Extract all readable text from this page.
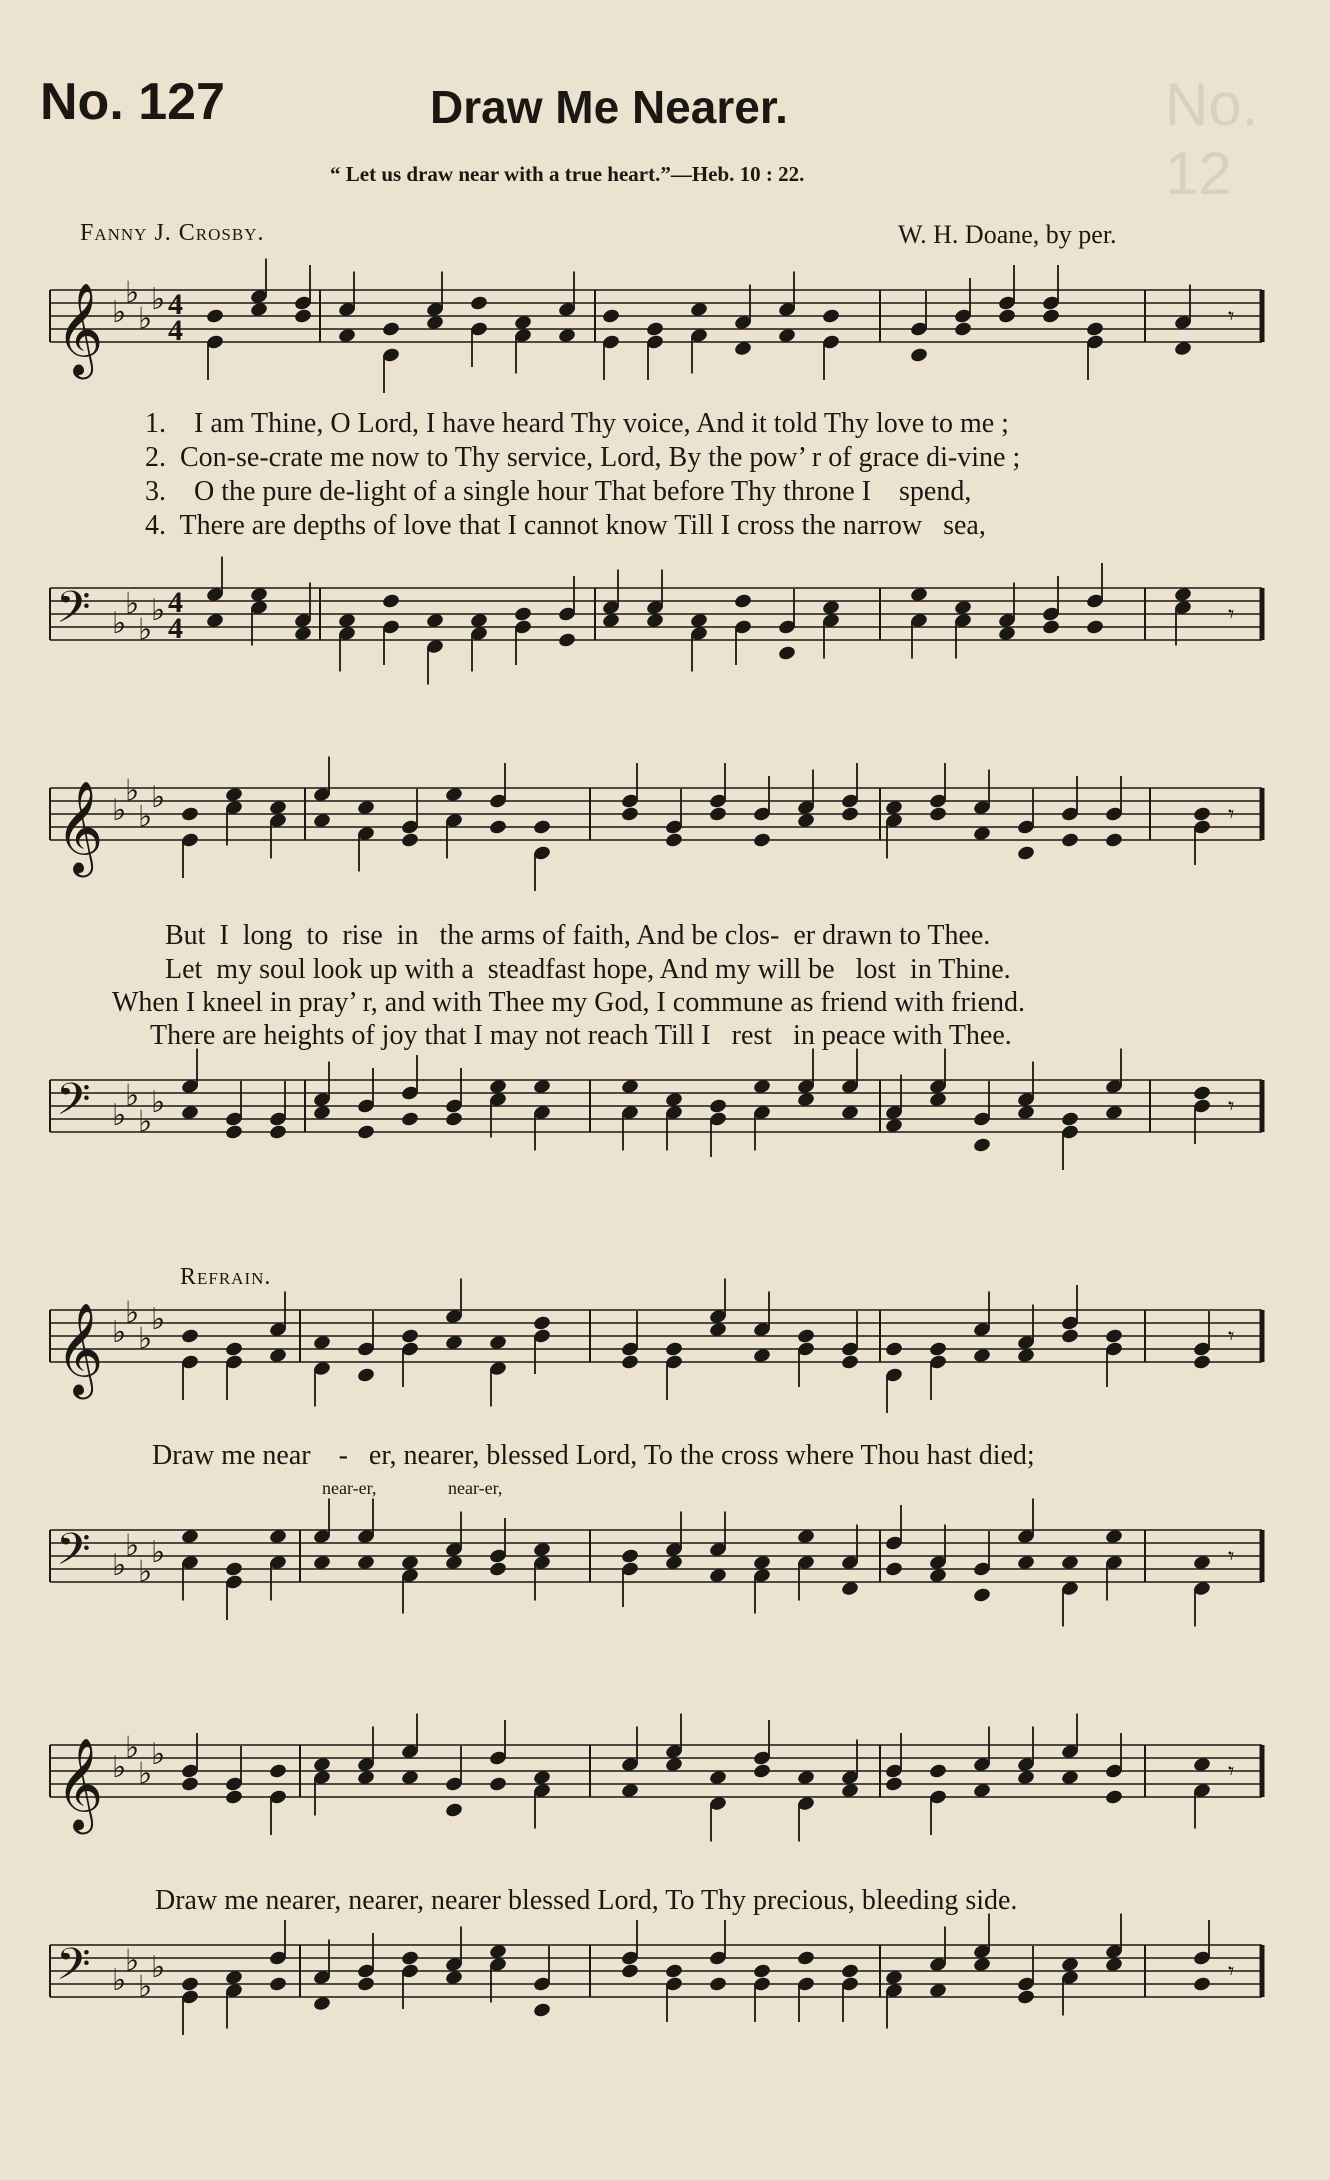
No. 12
No. 127	Draw Me Nearer.
“ Let us draw near with a true heart.”—Heb. 10 : 22.
Fanny J. Crosby.	W. H. Doane, by per.
𝄞 ♭
♭
♭
♭ 4
4	𝄾
1. I am Thine, O Lord, I have heard Thy voice, And it told Thy love to me ;
2. Con-se-crate me now to Thy service, Lord, By the pow’ r of grace di-vine ;
3. O the pure de-light of a single hour That before Thy throne I    spend,
4. There are depths of love that I cannot know Till I cross the narrow   sea,
𝄢 ♭
♭
♭
♭ 4
4	𝄾
𝄞 ♭
♭
♭
♭	𝄾
But  I  long  to  rise  in   the arms of faith, And be clos-  er drawn to Thee.
Let  my soul look up with a  steadfast hope, And my will be   lost  in Thine.
When I kneel in pray’ r, and with Thee my God, I commune as friend with friend.
There are heights of joy that I may not reach Till I   rest   in peace with Thee.
𝄢 ♭
♭
♭
♭	𝄾
Refrain.
𝄞 ♭
♭
♭
♭	𝄾
Draw me near    -   er, nearer, blessed Lord, To the cross where Thou hast died;
near-er,	near-er,
𝄢 ♭
♭
♭
♭	𝄾
𝄞 ♭
♭
♭
♭	𝄾
Draw me nearer, nearer, nearer blessed Lord, To Thy precious, bleeding side.
𝄢 ♭
♭
♭
♭	𝄾
